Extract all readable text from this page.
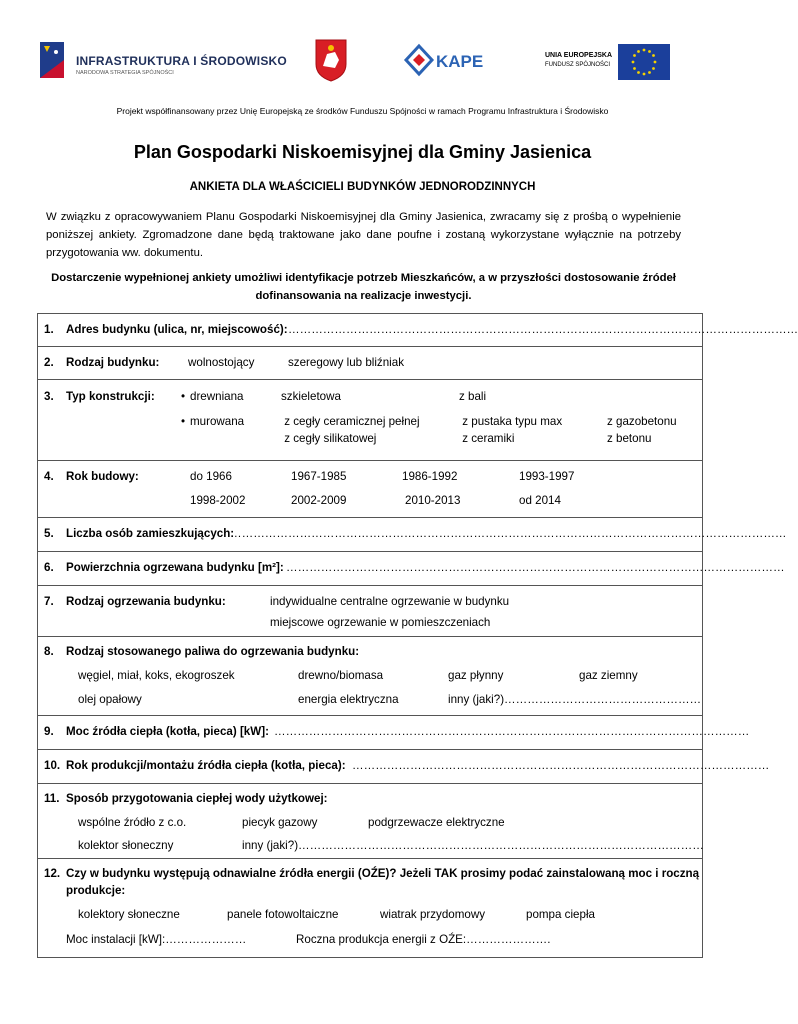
INFRASTRUKTURA I ŚRODOWISKO
NARODOWA STRATEGIA SPÓJNOŚCI
KAPE	UNIA EUROPEJSKA
FUNDUSZ SPÓJNOŚCI
Projekt współfinansowany przez Unię Europejską ze środków Funduszu Spójności w ramach Programu Infrastruktura i Środowisko
Plan Gospodarki Niskoemisyjnej dla Gminy Jasienica
ANKIETA DLA WŁAŚCICIELI BUDYNKÓW JEDNORODZINNYCH
W związku z opracowywaniem Planu Gospodarki Niskoemisyjnej dla Gminy Jasienica, zwracamy się z prośbą o wypełnienie poniższej ankiety. Zgromadzone dane będą traktowane jako dane poufne i zostaną wykorzystane wyłącznie na potrzeby przygotowania ww. dokumentu.
Dostarczenie wypełnionej ankiety umożliwi identyfikacje potrzeb Mieszkańców, a w przyszłości dostosowanie źródeł dofinansowania na realizacje inwestycji.
1. Adres budynku (ulica, nr, miejscowość): ……………………………………………………………………………………………………………………
2. Rodzaj budynku:	wolnostojący	szeregowy lub bliźniak
3. Typ konstrukcji: • drewniana	szkieletowa	z bali
• murowana	z cegły ceramicznej pełnej	z pustaka typu max	z gazobetonu
z cegły silikatowej	z ceramiki	z betonu
4. Rok budowy:	do 1966	1967-1985	1986-1992	1993-1997
1998-2002	2002-2009	2010-2013	od 2014
5. Liczba osób zamieszkujących:
………………………………………………………………………………………………………………………………
6. Powierzchnia ogrzewana budynku [m²]: …………………………………………………………………………………………………………………
7. Rodzaj ogrzewania budynku:	indywidualne centralne ogrzewanie w budynku
miejscowe ogrzewanie w pomieszczeniach
8. Rodzaj stosowanego paliwa do ogrzewania budynku:
węgiel, miał, koks, ekogroszek	drewno/biomasa	gaz płynny	gaz ziemny
olej opałowy	energia elektryczna	inny (jaki?)……………………………………………
9. Moc źródła ciepła (kotła, pieca) [kW]: ……………………………………………………………………………………………………………
10. Rok produkcji/montażu źródła ciepła (kotła, pieca): ………………………………………………………………………………………………
11. Sposób przygotowania ciepłej wody użytkowej:
wspólne źródło z c.o.	piecyk gazowy	podgrzewacze elektryczne
kolektor słoneczny	inny (jaki?)……………………………………………………………………………………………
12. Czy w budynku występują odnawialne źródła energii (OŹE)? Jeżeli TAK prosimy podać zainstalowaną moc i roczną
produkcje:
kolektory słoneczne	panele fotowoltaiczne	wiatrak przydomowy	pompa ciepła
Moc instalacji [kW]:…………………	Roczna produkcja energii z OŹE:………………….
